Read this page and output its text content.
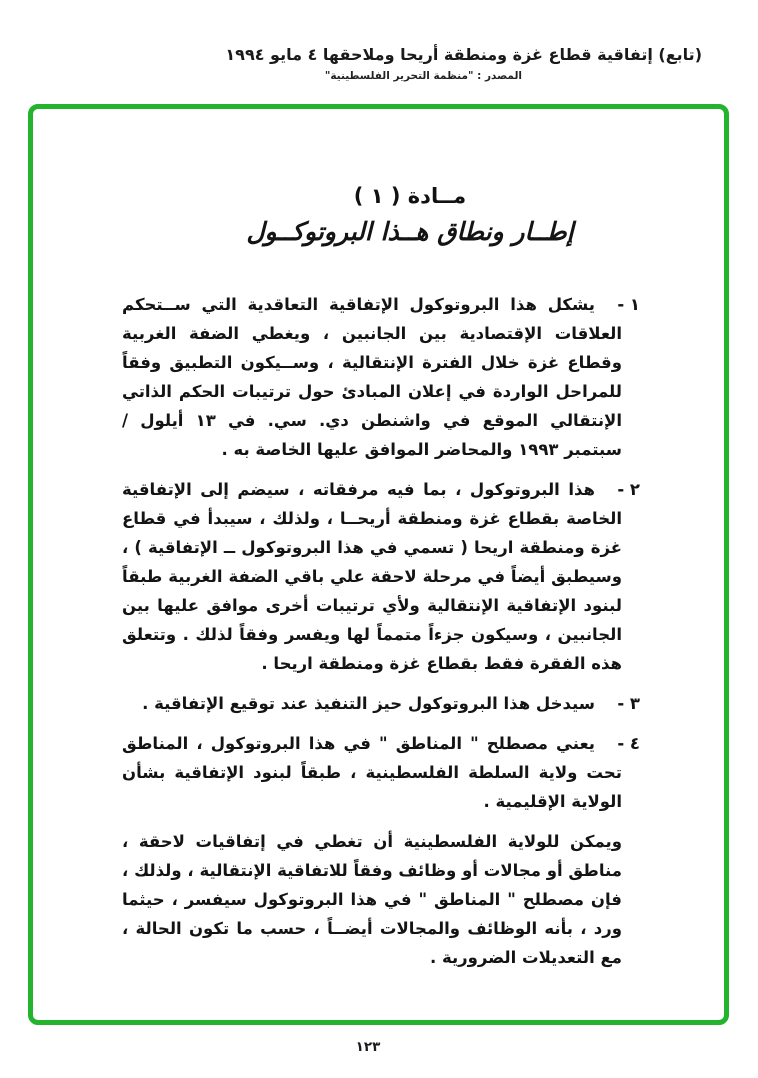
(تابع) إتفاقية قطاع غزة ومنطقة أريحا وملاحقها ٤ مايو ١٩٩٤
المصدر : "منظمة التحرير الفلسطينية"
مــادة ( ١ )
إطــار ونطاق هــذا البروتوكــول
١ -
يشكل هذا البروتوكول الإتفاقية التعاقدية التي ســتحكم العلاقات الإقتصادية بين الجانبين ، ويغطي الضفة الغربية وقطاع غزة خلال الفترة الإنتقالية ، وســيكون التطبيق وفقاً للمراحل الواردة في إعلان المبادئ حول ترتيبات الحكم الذاتي الإنتقالي الموقع في واشنطن دي. سي. في ١٣ أيلول / سبتمبر ١٩٩٣ والمحاضر الموافق عليها الخاصة به .
٢ -
هذا البروتوكول ، بما فيه مرفقاته ، سيضم إلى الإتفاقية الخاصة بقطاع غزة ومنطقة أريحــا ، ولذلك ، سيبدأ في قطاع غزة ومنطقة اريحا ( تسمي في هذا البروتوكول ــ الإتفاقية ) ، وسيطبق أيضاً في مرحلة لاحقة علي باقي الضفة الغربية طبقاً لبنود الإتفاقية الإنتقالية ولأي ترتيبات أخرى موافق عليها بين الجانبين ، وسيكون جزءاً متمماً لها ويفسر وفقاً لذلك . وتتعلق هذه الفقرة فقط بقطاع غزة ومنطقة اريحا .
٣ -
سيدخل هذا البروتوكول حيز التنفيذ عند توقيع الإتفاقية .
٤ -
يعني مصطلح " المناطق " في هذا البروتوكول ، المناطق تحت ولاية السلطة الفلسطينية ، طبقاً لبنود الإتفاقية بشأن الولاية الإقليمية .
ويمكن للولاية الفلسطينية أن تغطي في إتفاقيات لاحقة ، مناطق أو مجالات أو وظائف وفقاً للاتفاقية الإنتقالية ، ولذلك ، فإن مصطلح " المناطق " في هذا البروتوكول سيفسر ، حيثما ورد ، بأنه الوظائف والمجالات أيضــاً ، حسب ما تكون الحالة ، مع التعديلات الضرورية .
١٢٣
